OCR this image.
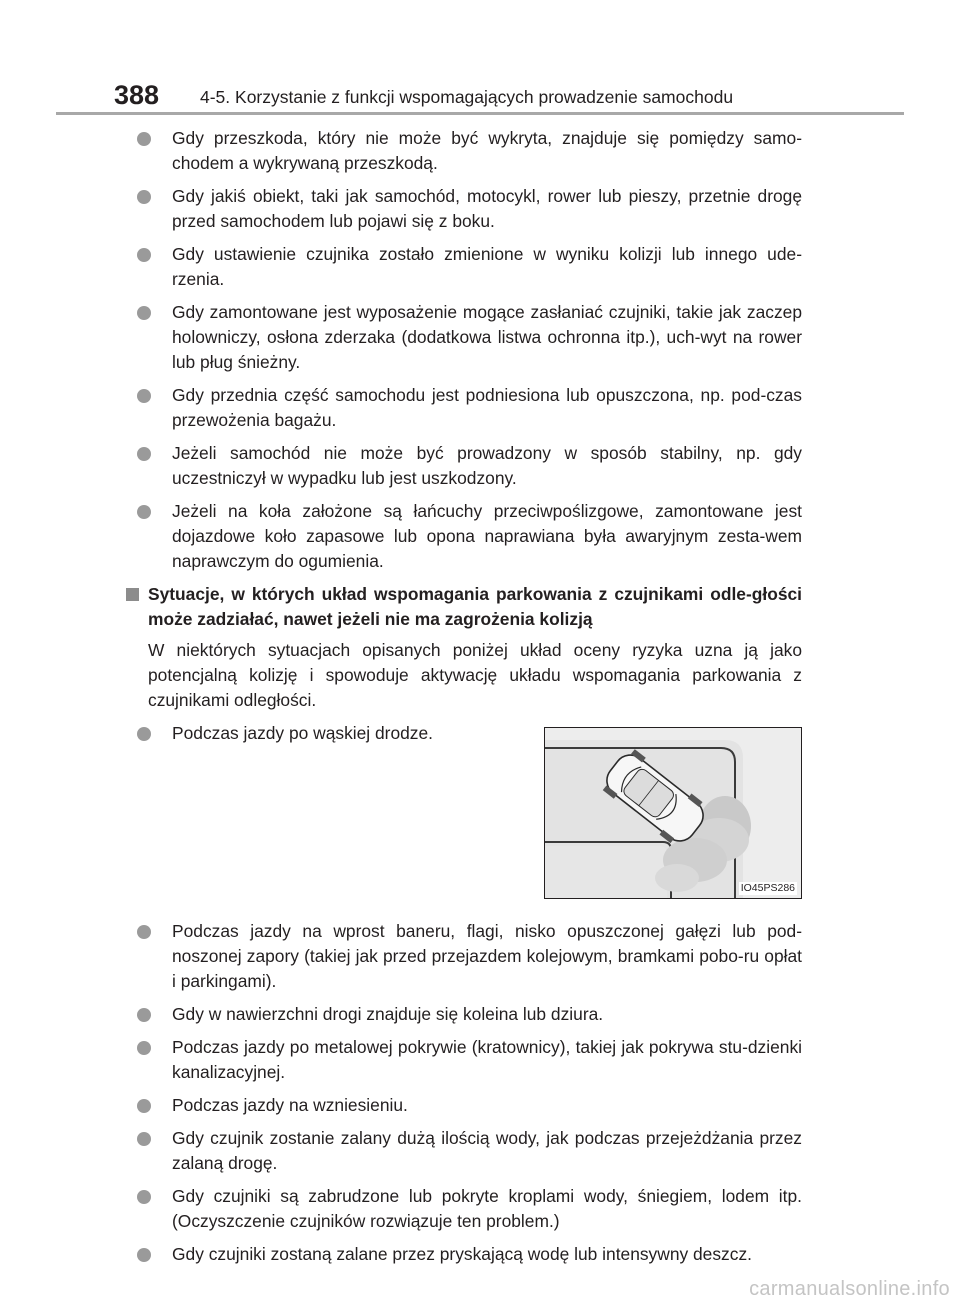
388 4-5. Korzystanie z funkcji wspomagających prowadzenie samochodu
Gdy przeszkoda, który nie może być wykryta, znajduje się pomiędzy samo-chodem a wykrywaną przeszkodą.
Gdy jakiś obiekt, taki jak samochód, motocykl, rower lub pieszy, przetnie drogę przed samochodem lub pojawi się z boku.
Gdy ustawienie czujnika zostało zmienione w wyniku kolizji lub innego ude-rzenia.
Gdy zamontowane jest wyposażenie mogące zasłaniać czujniki, takie jak zaczep holowniczy, osłona zderzaka (dodatkowa listwa ochronna itp.), uch-wyt na rower lub pług śnieżny.
Gdy przednia część samochodu jest podniesiona lub opuszczona, np. pod-czas przewożenia bagażu.
Jeżeli samochód nie może być prowadzony w sposób stabilny, np. gdy uczestniczył w wypadku lub jest uszkodzony.
Jeżeli na koła założone są łańcuchy przeciwpoślizgowe, zamontowane jest dojazdowe koło zapasowe lub opona naprawiana była awaryjnym zesta-wem naprawczym do ogumienia.
Sytuacje, w których układ wspomagania parkowania z czujnikami odle-głości może zadziałać, nawet jeżeli nie ma zagrożenia kolizją
W niektórych sytuacjach opisanych poniżej układ oceny ryzyka uzna ją jako potencjalną kolizję i spowoduje aktywację układu wspomagania parkowania z czujnikami odległości.
Podczas jazdy po wąskiej drodze.
IO45PS286
Podczas jazdy na wprost baneru, flagi, nisko opuszczonej gałęzi lub pod-noszonej zapory (takiej jak przed przejazdem kolejowym, bramkami pobo-ru opłat i parkingami).
Gdy w nawierzchni drogi znajduje się koleina lub dziura.
Podczas jazdy po metalowej pokrywie (kratownicy), takiej jak pokrywa stu-dzienki kanalizacyjnej.
Podczas jazdy na wzniesieniu.
Gdy czujnik zostanie zalany dużą ilością wody, jak podczas przejeżdżania przez zalaną drogę.
Gdy czujniki są zabrudzone lub pokryte kroplami wody, śniegiem, lodem itp. (Oczyszczenie czujników rozwiązuje ten problem.)
Gdy czujniki zostaną zalane przez pryskającą wodę lub intensywny deszcz.
carmanualsonline.info
